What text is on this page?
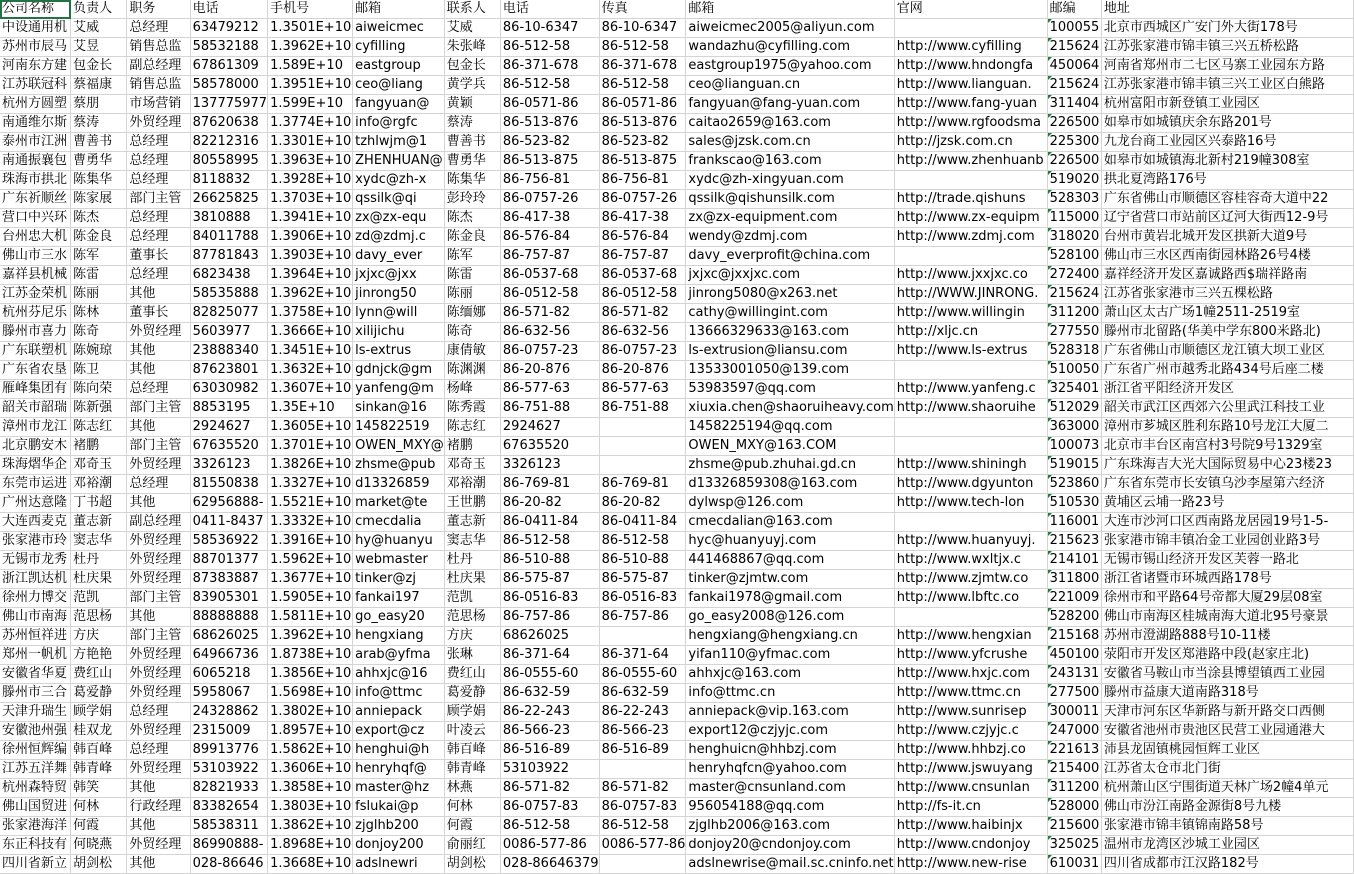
公司名称	负责人	职务	电话	手机号	邮箱	联系人	电话	传真	邮箱	官网	邮编	地址
中设通用机	艾威	总经理	63479212	1.3501E+10	aiweicmec	艾威	86-10-6347	86-10-6347	aiweicmec2005@aliyun.com		100055	北京市西城区广安门外大街178号
苏州市辰马	艾昱	销售总监	58532188	1.3962E+10	cyfilling	朱张峰	86-512-58	86-512-58	wandazhu@cyfilling.com	http://www.cyfilling	215624	江苏张家港市锦丰镇三兴五桥松路
河南东方建	包金长	副总经理	67861309	1.589E+10	eastgroup	包金长	86-371-678	86-371-678	eastgroup1975@yahoo.com	http://www.hndongfa	450064	河南省郑州市二七区马寨工业园东方路
江苏联冠科	蔡福康	销售总监	58578000	1.3951E+10	ceo@liang	黄学兵	86-512-58	86-512-58	ceo@lianguan.cn	http://www.lianguan.	215624	江苏张家港市锦丰镇三兴工业区白熊路
杭州方圆塑	蔡朋	市场营销	137775977	1.599E+10	fangyuan@	黄颖	86-0571-86	86-0571-86	fangyuan@fang-yuan.com	http://www.fang-yuan	311404	杭州富阳市新登镇工业园区
南通维尔斯	蔡涛	外贸经理	87620638	1.3774E+10	info@rgfc	蔡涛	86-513-876	86-513-876	caitao2659@163.com	http://www.rgfoodsma	226500	如皋市如城镇庆余东路201号
泰州市江洲	曹善书	总经理	82212316	1.3301E+10	tzhlwjm@1	曹善书	86-523-82	86-523-82	sales@jzsk.com.cn	http://jzsk.com.cn	225300	九龙台商工业园区兴泰路16号
南通振襄包	曹勇华	总经理	80558995	1.3963E+10	ZHENHUAN@	曹勇华	86-513-875	86-513-875	frankscao@163.com	http://www.zhenhuanb	226500	如皋市如城镇海北新村219幢308室
珠海市拱北	陈集华	总经理	8118832	1.3928E+10	xydc@zh-x	陈集华	86-756-81	86-756-81	xydc@zh-xingyuan.com		519020	拱北夏湾路176号
广东祈顺丝	陈家展	部门主管	26625825	1.3703E+10	qssilk@qi	彭玲玲	86-0757-26	86-0757-26	qssilk@qishunsilk.com	http://trade.qishuns	528303	广东省佛山市顺德区容桂容奇大道中22
营口中兴环	陈杰	总经理	3810888	1.3941E+10	zx@zx-equ	陈杰	86-417-38	86-417-38	zx@zx-equipment.com	http://www.zx-equipm	115000	辽宁省营口市站前区辽河大街西12-9号
台州忠大机	陈金良	总经理	84011788	1.3906E+10	zd@zdmj.c	陈金良	86-576-84	86-576-84	wendy@zdmj.com	http://www.zdmj.com	318020	台州市黄岩北城开发区拱新大道9号
佛山市三水	陈军	董事长	87781843	1.3903E+10	davy_ever	陈军	86-757-87	86-757-87	davy_everprofit@china.com		528100	佛山市三水区西南街园林路26号4楼
嘉祥县机械	陈雷	总经理	6823438	1.3964E+10	jxjxc@jxx	陈雷	86-0537-68	86-0537-68	jxjxc@jxxjxc.com	http://www.jxxjxc.co	272400	嘉祥经济开发区嘉诚路西$瑞祥路南
江苏金荣机	陈丽	其他	58535888	1.3962E+10	jinrong50	陈丽	86-0512-58	86-0512-58	jinrong5080@x263.net	http://WWW.JINRONG.	215624	江苏省张家港市三兴五棵松路
杭州芬尼乐	陈林	董事长	82825077	1.3758E+10	lynn@will	陈缅娜	86-571-82	86-571-82	cathy@willingint.com	http://www.willingin	311200	萧山区太古广场1幢2511-2519室
滕州市喜力	陈奇	外贸经理	5603977	1.3666E+10	xilijichu	陈奇	86-632-56	86-632-56	13666329633@163.com	http://xljc.cn	277550	滕州市北留路(华美中学东800米路北)
广东联塑机	陈婉琼	其他	23888340	1.3451E+10	ls-extrus	康倩敏	86-0757-23	86-0757-23	ls-extrusion@liansu.com	http://www.ls-extrus	528318	广东省佛山市顺德区龙江镇大坝工业区
广东省农垦	陈卫	其他	87623801	1.3632E+10	gdnjck@gm	陈渊渊	86-20-876	86-20-876	13533001050@139.com		510050	广东省广州市越秀北路434号后座二楼
雁峰集团有	陈向荣	总经理	63030982	1.3607E+10	yanfeng@m	杨峰	86-577-63	86-577-63	53983597@qq.com	http://www.yanfeng.c	325401	浙江省平阳经济开发区
韶关市韶瑞	陈新强	部门主管	8853195	1.35E+10	sinkan@16	陈秀霞	86-751-88	86-751-88	xiuxia.chen@shaoruiheavy.com	http://www.shaoruihe	512029	韶关市武江区西郊六公里武江科技工业
漳州市龙江	陈志红	其他	2924627	1.3605E+10	145822519	陈志红	2924627		1458225194@qq.com		363000	漳州市芗城区胜利东路10号龙江大厦二
北京鹏安木	褚鹏	部门主管	67635520	1.3701E+10	OWEN_MXY@	褚鹏	67635520		OWEN_MXY@163.COM		100073	北京市丰台区南宫村3号院9号1329室
珠海熠华企	邓奇玉	外贸经理	3326123	1.3826E+10	zhsme@pub	邓奇玉	3326123		zhsme@pub.zhuhai.gd.cn	http://www.shiningh	519015	广东珠海吉大光大国际贸易中心23楼23
东莞市运进	邓裕潮	总经理	81550838	1.3327E+10	d13326859	邓裕潮	86-769-81	86-769-81	d13326859308@163.com	http://www.dgyunton	523860	广东省东莞市长安镇乌沙李屋第六经济
广州达意隆	丁书超	其他	62956888-	1.5521E+10	market@te	王世鹏	86-20-82	86-20-82	dylwsp@126.com	http://www.tech-lon	510530	黄埔区云埔一路23号
大连西麦克	董志新	副总经理	0411-8437	1.3332E+10	cmecdalia	董志新	86-0411-84	86-0411-84	cmecdalian@163.com		116001	大连市沙河口区西南路龙居园19号1-5-
张家港市玲	窦志华	外贸经理	58536922	1.3916E+10	hy@huanyu	窦志华	86-512-58	86-512-58	hyc@huanyuyj.com	http://www.huanyuyj.	215623	张家港市锦丰镇冶金工业园创业路3号
无锡市龙秀	杜丹	外贸经理	88701377	1.5962E+10	webmaster	杜丹	86-510-88	86-510-88	441468867@qq.com	http://www.wxltjx.c	214101	无锡市锡山经济开发区芙蓉一路北
浙江凯达机	杜庆果	外贸经理	87383887	1.3677E+10	tinker@zj	杜庆果	86-575-87	86-575-87	tinker@zjmtw.com	http://www.zjmtw.co	311800	浙江省诸暨市环城西路178号
徐州力博交	范凯	部门主管	83905301	1.5905E+10	fankai197	范凯	86-0516-83	86-0516-83	fankai1978@gmail.com	http://www.lbftc.co	221009	徐州市和平路64号帝都大厦29层08室
佛山市南海	范思杨	其他	88888888	1.5811E+10	go_easy20	范思杨	86-757-86	86-757-86	go_easy2008@126.com		528200	佛山市南海区桂城南海大道北95号豪景
苏州恒祥进	方庆	部门主管	68626025	1.3962E+10	hengxiang	方庆	68626025		hengxiang@hengxiang.cn	http://www.hengxian	215168	苏州市澄湖路888号10-11楼
郑州一帆机	方艳艳	外贸经理	64966736	1.8738E+10	arab@yfma	张琳	86-371-64	86-371-64	yifan110@yfmac.com	http://www.yfcrushe	450100	荥阳市开发区郑港路中段(赵家庄北)
安徽省华夏	费红山	外贸经理	6065218	1.3856E+10	ahhxjc@16	费红山	86-0555-60	86-0555-60	ahhxjc@163.com	http://www.hxjc.com	243131	安徽省马鞍山市当涂县博望镇西工业园
滕州市三合	葛爱静	外贸经理	5958067	1.5698E+10	info@ttmc	葛爱静	86-632-59	86-632-59	info@ttmc.cn	http://www.ttmc.cn	277500	滕州市益康大道南路318号
天津升瑞生	顾学娟	总经理	24328862	1.3802E+10	anniepack	顾学娟	86-22-243	86-22-243	anniepack@vip.163.com	http://www.sunrisep	300011	天津市河东区华新路与新开路交口西侧
安徽池州强	桂双龙	外贸经理	2315009	1.8957E+10	export@cz	叶凌云	86-566-23	86-566-23	export12@czjyjc.com	http://www.czjyjc.c	247000	安徽省池州市贵池区民营工业园通港大
徐州恒辉编	韩百峰	总经理	89913776	1.5862E+10	henghui@h	韩百峰	86-516-89	86-516-89	henghuicn@hhbzj.com	http://www.hhbzj.co	221613	沛县龙固镇桃园恒辉工业区
江苏五洋舞	韩青峰	外贸经理	53103922	1.3606E+10	henryhqf@	韩青峰	53103922		henryhqfcn@yahoo.com	http://www.jswuyang	215400	江苏省太仓市北门街
杭州森特贸	韩笑	其他	82821933	1.3858E+10	master@hz	林燕	86-571-82	86-571-82	master@cnsunland.com	http://www.cnsunlan	311200	杭州萧山区宁围街道天林广场2幢4单元
佛山国贸进	何林	行政经理	83382654	1.3803E+10	fslukai@p	何林	86-0757-83	86-0757-83	956054188@qq.com	http://fs-it.cn	528000	佛山市汾江南路金源街8号九楼
张家港海洋	何霞	其他	58538311	1.3862E+10	zjglhb200	何霞	86-512-58	86-512-58	zjglhb2006@163.com	http://www.haibinjx	215600	张家港市锦丰镇锦南路58号
东正科技有	何晓燕	外贸经理	86990888-	1.8968E+10	donjoy200	俞丽红	0086-577-86	0086-577-86	donjoy20@cndonjoy.com	http://www.cndonjoy	325025	温州市龙湾区沙城工业园区
四川省新立	胡剑松	其他	028-86646	1.3668E+10	adslnewri	胡剑松	028-86646379		adslnewrise@mail.sc.cninfo.net	http://www.new-rise	610031	四川省成都市江汉路182号
